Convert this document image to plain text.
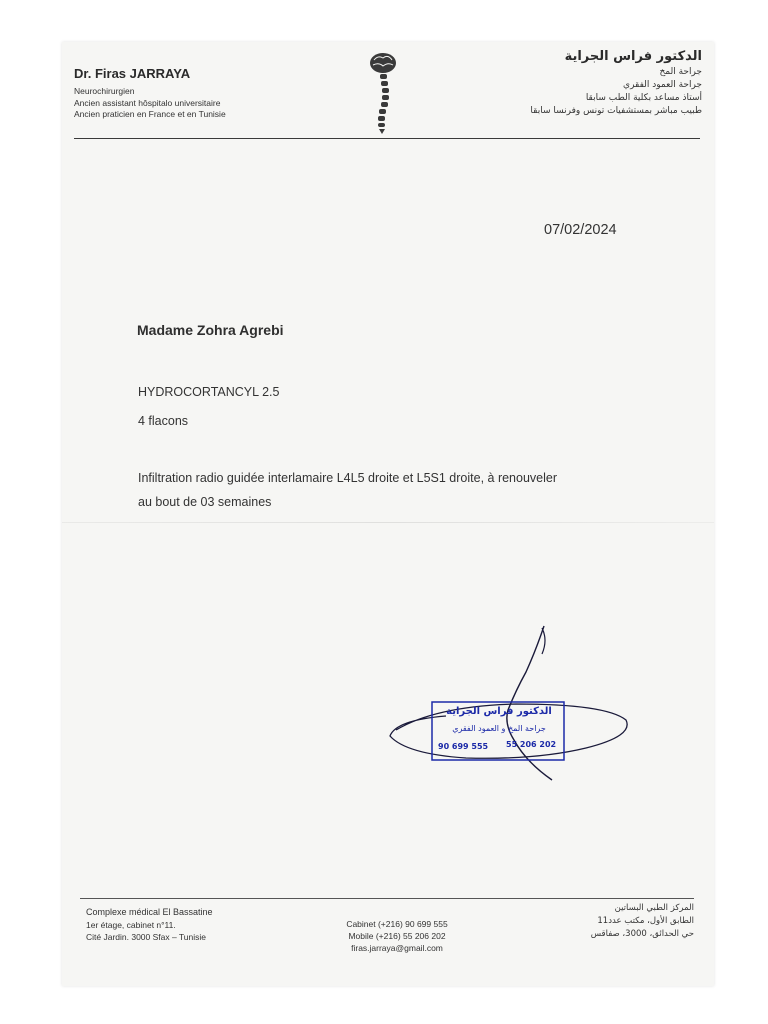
Dr. Firas JARRAYA
Neurochirurgien
Ancien assistant hôspitalo universitaire
Ancien praticien en France et en Tunisie
الدكتور فراس الجراية
جراحة المخ
جراحة العمود الفقري
أستاذ مساعد بكلية الطب سابقا
طبيب مباشر بمستشفيات تونس وفرنسا سابقا
07/02/2024
Madame Zohra Agrebi
HYDROCORTANCYL 2.5
4 flacons
Infiltration radio guidée interlamaire L4L5 droite et L5S1 droite, à renouveler
au bout de 03 semaines
الدكتور فراس الجراية
جراحة المخ و العمود الفقري
90 699 555 55 206 202
Complexe médical El Bassatine
1er étage, cabinet n°11.
Cité Jardin. 3000 Sfax – Tunisie
Cabinet (+216) 90 699 555
Mobile (+216) 55 206 202
firas.jarraya@gmail.com
المركز الطبي البساتين
الطابق الأول، مكتب عدد11
حي الحدائق، 3000، صفاقس
